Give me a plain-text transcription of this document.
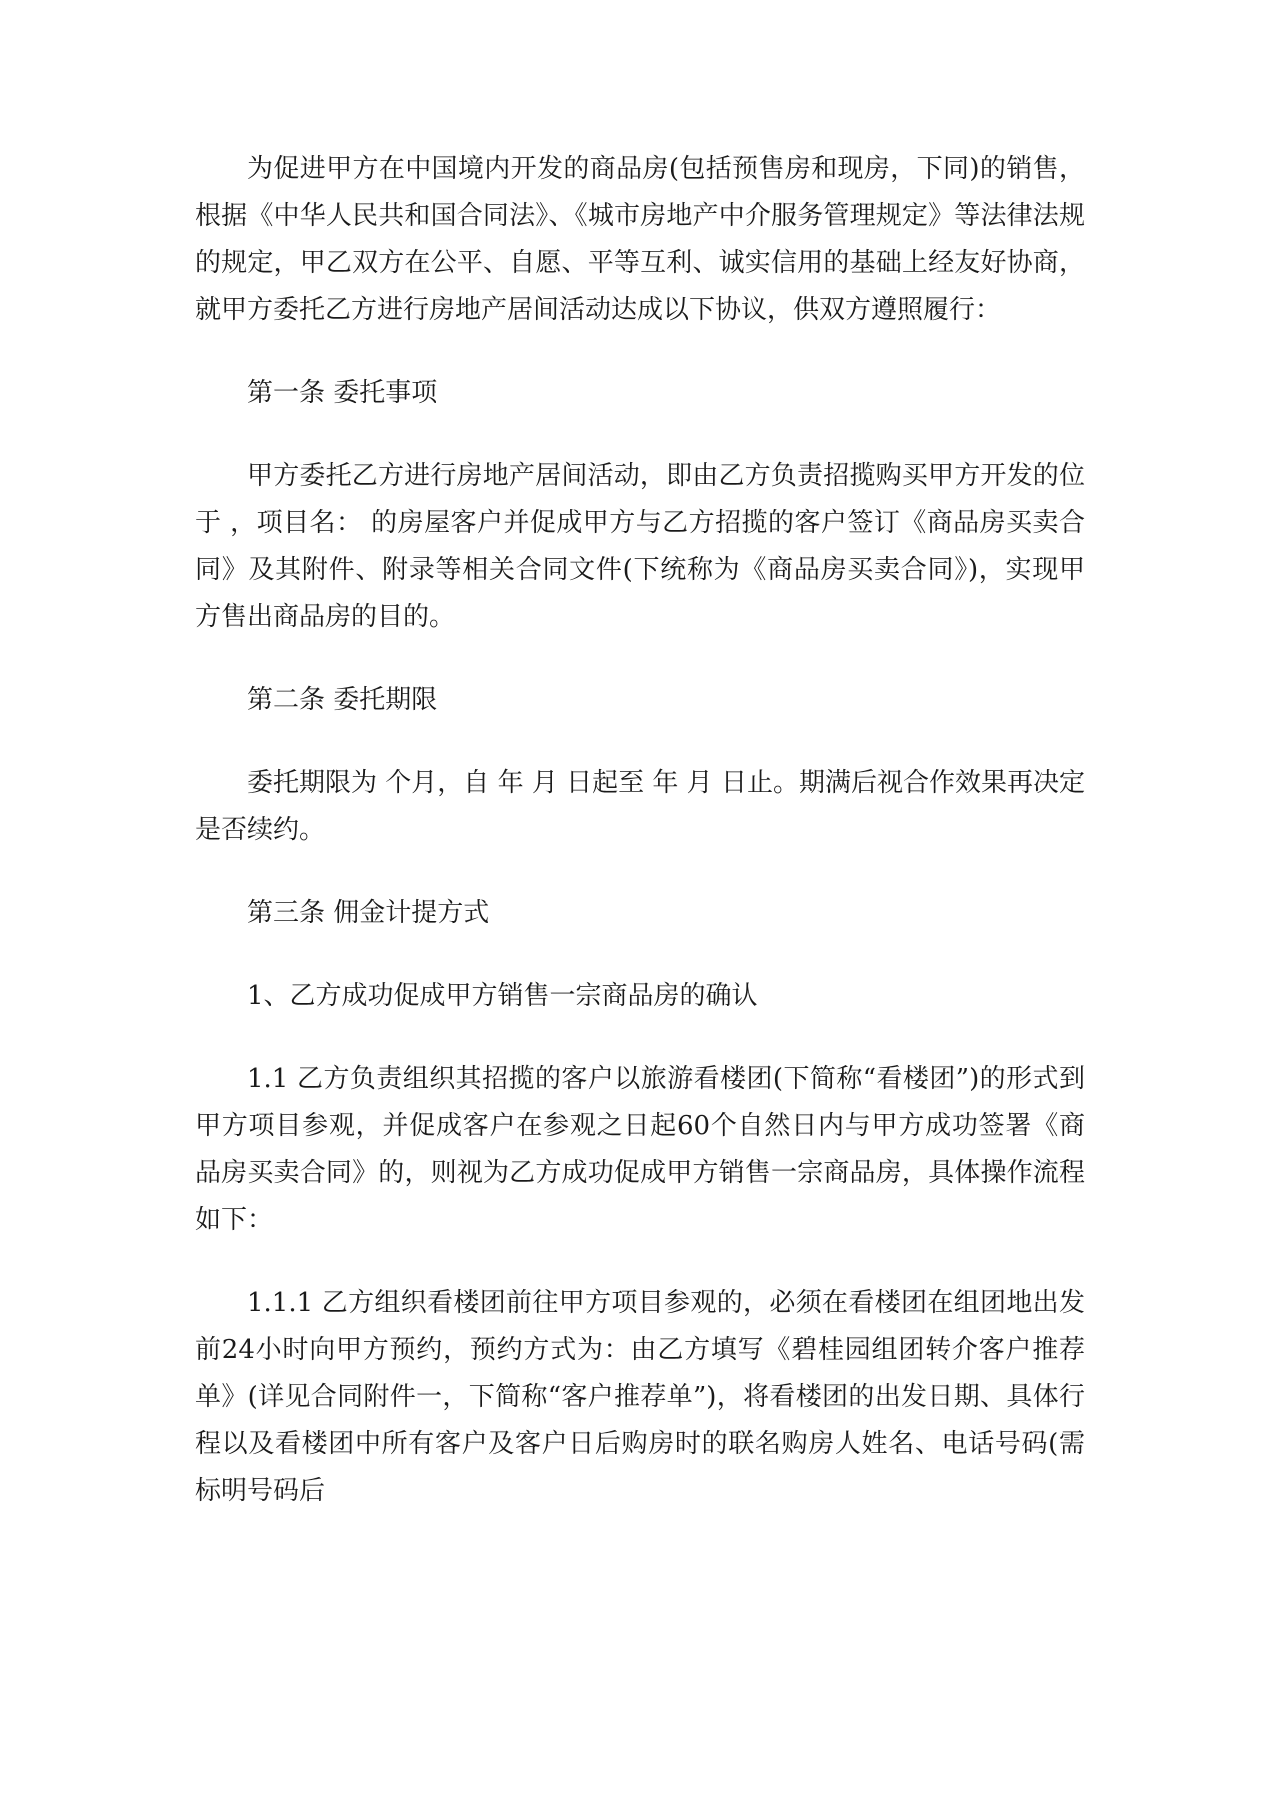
为促进甲方在中国境内开发的商品房(包括预售房和现房，下同)的销售，根据《中华人民共和国合同法》、《城市房地产中介服务管理规定》等法律法规的规定，甲乙双方在公平、自愿、平等互利、诚实信用的基础上经友好协商，就甲方委托乙方进行房地产居间活动达成以下协议，供双方遵照履行：

第一条 委托事项

甲方委托乙方进行房地产居间活动，即由乙方负责招揽购买甲方开发的位于 ，项目名： 的房屋客户并促成甲方与乙方招揽的客户签订《商品房买卖合同》及其附件、附录等相关合同文件(下统称为《商品房买卖合同》)，实现甲方售出商品房的目的。

第二条 委托期限

委托期限为 个月，自 年 月 日起至 年 月 日止。期满后视合作效果再决定是否续约。

第三条 佣金计提方式

1、乙方成功促成甲方销售一宗商品房的确认

1.1 乙方负责组织其招揽的客户以旅游看楼团(下简称“看楼团”)的形式到甲方项目参观，并促成客户在参观之日起60个自然日内与甲方成功签署《商品房买卖合同》的，则视为乙方成功促成甲方销售一宗商品房，具体操作流程如下：

1.1.1 乙方组织看楼团前往甲方项目参观的，必须在看楼团在组团地出发前24小时向甲方预约，预约方式为：由乙方填写《碧桂园组团转介客户推荐单》(详见合同附件一，下简称“客户推荐单”)，将看楼团的出发日期、具体行程以及看楼团中所有客户及客户日后购房时的联名购房人姓名、电话号码(需标明号码后
